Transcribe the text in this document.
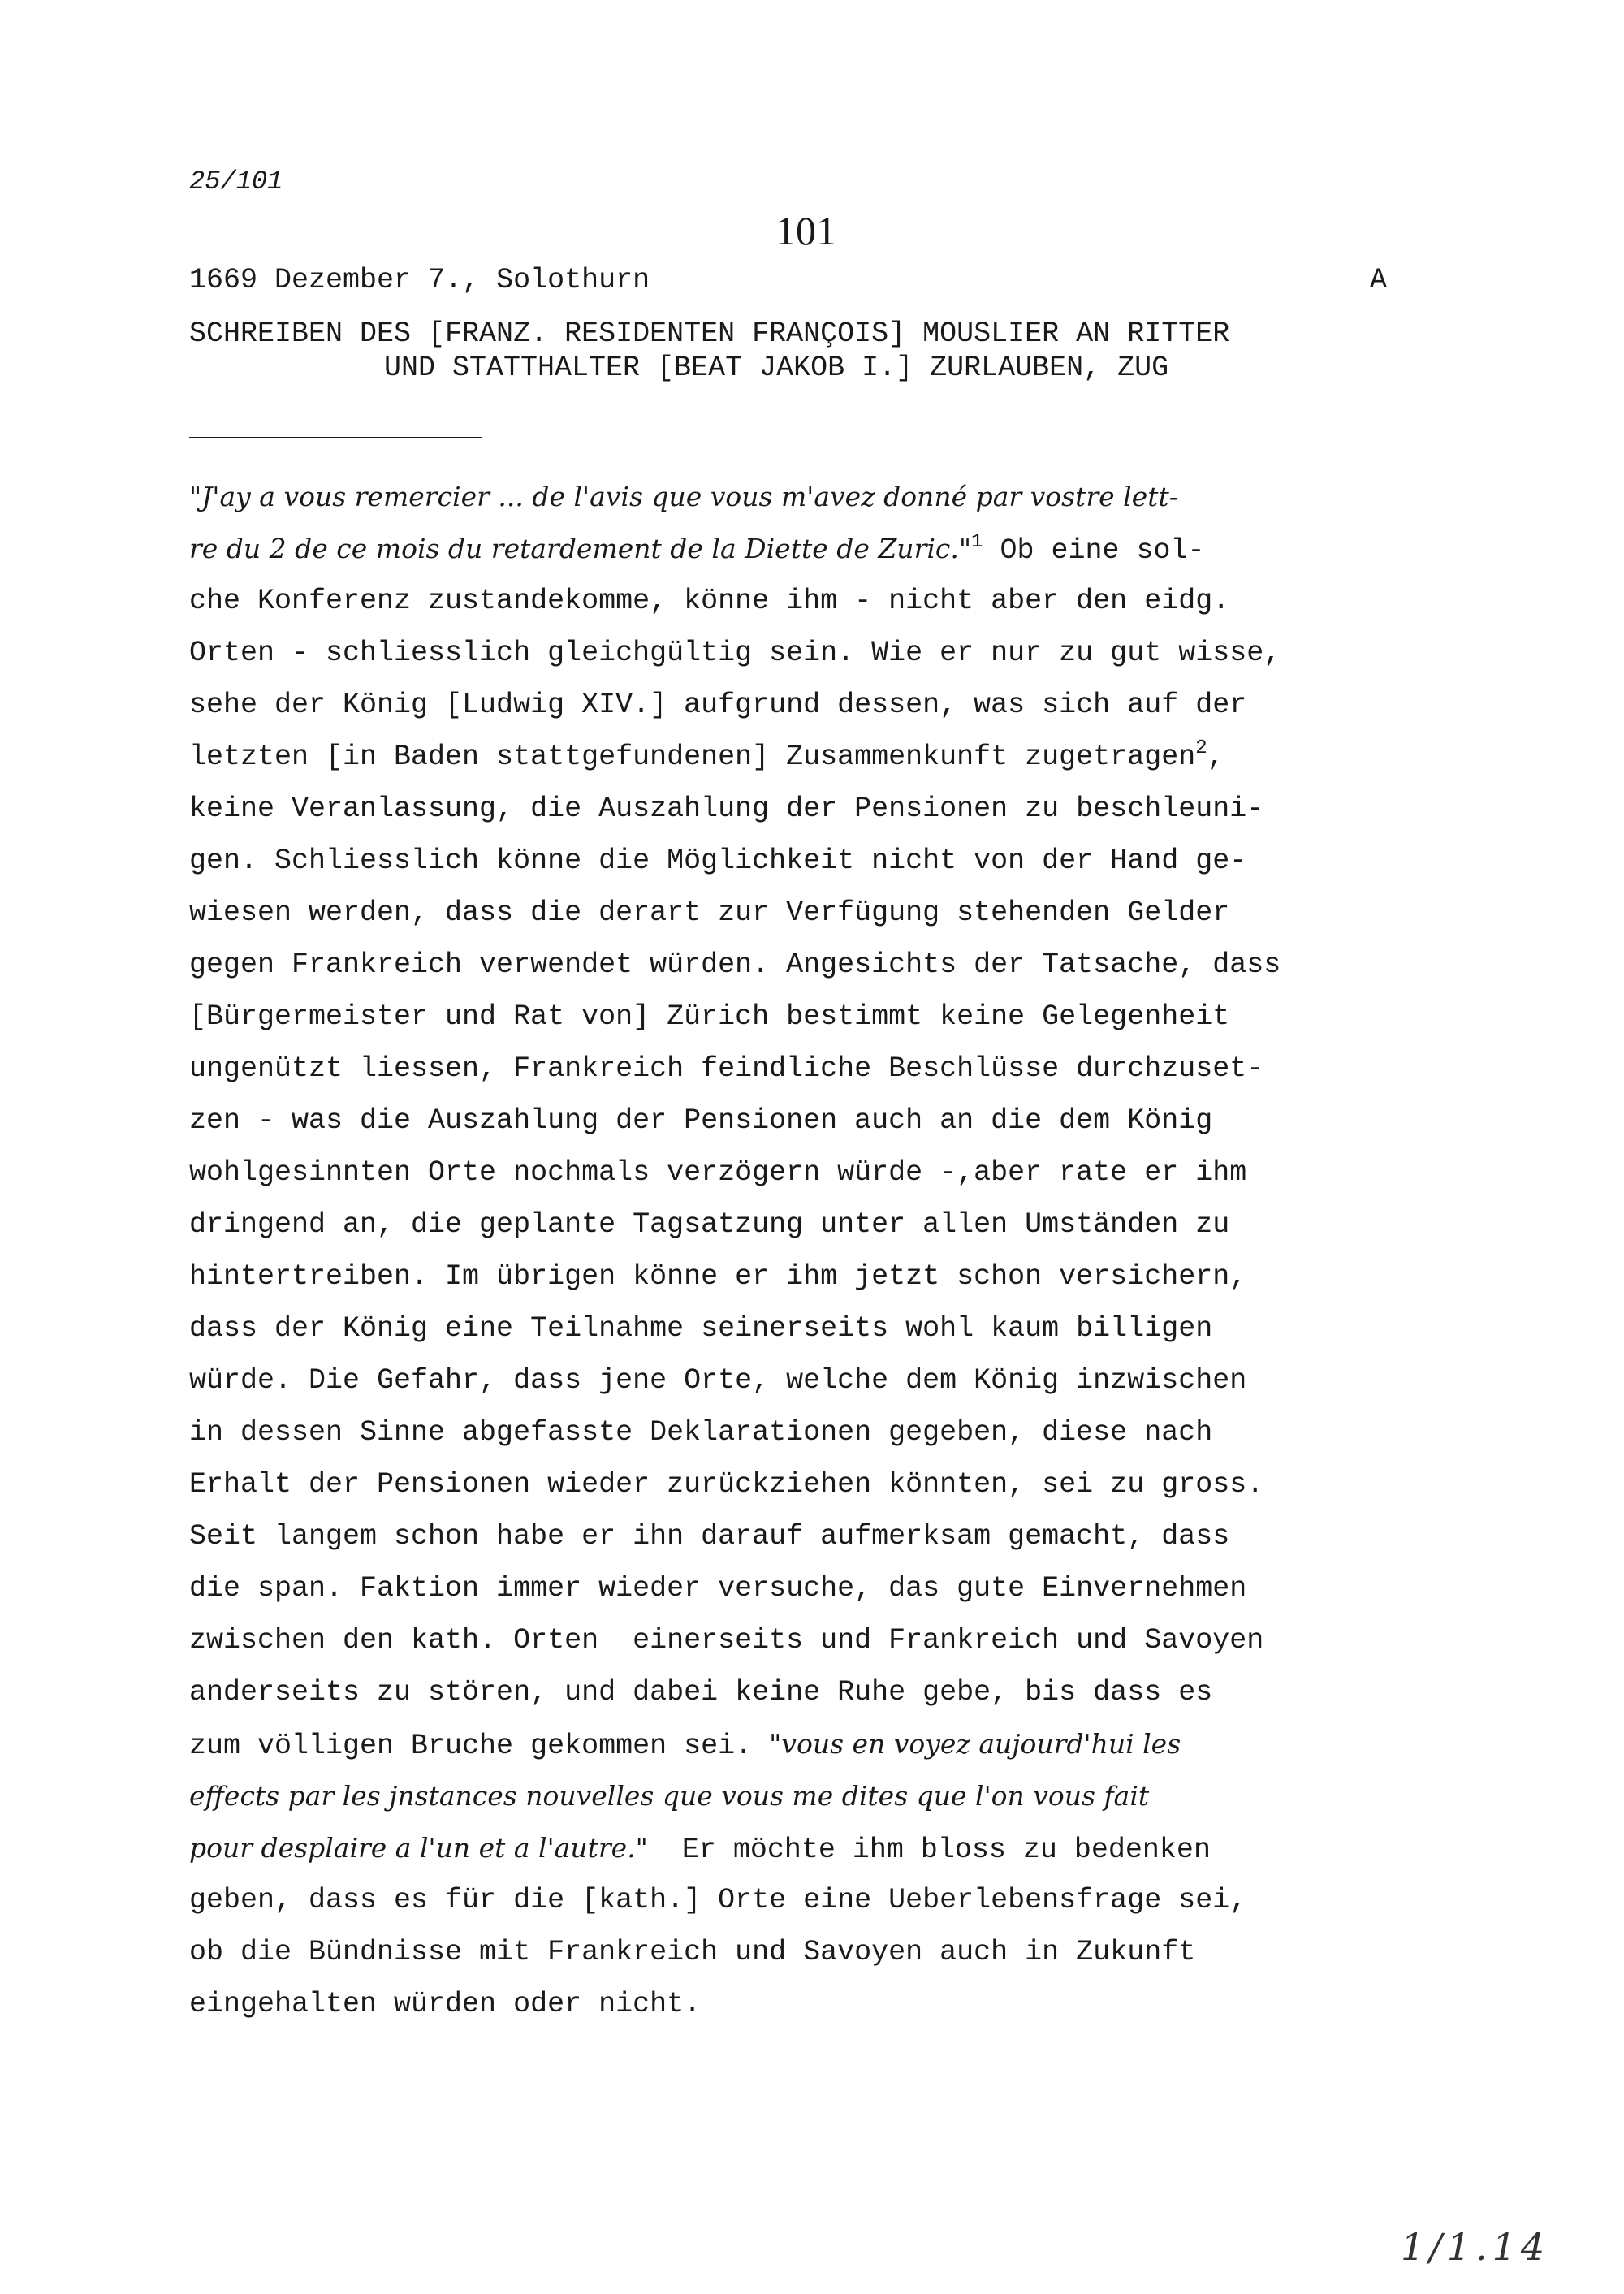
25/101
101
1669 Dezember 7., Solothurn	A
SCHREIBEN DES [FRANZ. RESIDENTEN FRANÇOIS] MOUSLIER AN RITTER
UND STATTHALTER [BEAT JAKOB I.] ZURLAUBEN, ZUG
"J'ay a vous remercier ... de l'avis que vous m'avez donné par vostre lett-
re du 2 de ce mois du retardement de la Diette de Zuric."$^1$ Ob eine sol-
che Konferenz zustandekomme, könne ihm - nicht aber den eidg.
Orten - schliesslich gleichgültig sein. Wie er nur zu gut wisse,
sehe der König [Ludwig XIV.] aufgrund dessen, was sich auf der
letzten [in Baden stattgefundenen] Zusammenkunft zugetragen$^2$,
keine Veranlassung, die Auszahlung der Pensionen zu beschleuni-
gen. Schliesslich könne die Möglichkeit nicht von der Hand ge-
wiesen werden, dass die derart zur Verfügung stehenden Gelder
gegen Frankreich verwendet würden. Angesichts der Tatsache, dass
[Bürgermeister und Rat von] Zürich bestimmt keine Gelegenheit
ungenützt liessen, Frankreich feindliche Beschlüsse durchzuset-
zen - was die Auszahlung der Pensionen auch an die dem König
wohlgesinnten Orte nochmals verzögern würde -,aber rate er ihm
dringend an, die geplante Tagsatzung unter allen Umständen zu
hintertreiben. Im übrigen könne er ihm jetzt schon versichern,
dass der König eine Teilnahme seinerseits wohl kaum billigen
würde. Die Gefahr, dass jene Orte, welche dem König inzwischen
in dessen Sinne abgefasste Deklarationen gegeben, diese nach
Erhalt der Pensionen wieder zurückziehen könnten, sei zu gross.
Seit langem schon habe er ihn darauf aufmerksam gemacht, dass
die span. Faktion immer wieder versuche, das gute Einvernehmen
zwischen den kath. Orten  einerseits und Frankreich und Savoyen
anderseits zu stören, und dabei keine Ruhe gebe, bis dass es
zum völligen Bruche gekommen sei. "vous en voyez aujourd'hui les
effects par les jnstances nouvelles que vous me dites que l'on vous fait
pour desplaire a l'un et a l'autre."  Er möchte ihm bloss zu bedenken
geben, dass es für die [kath.] Orte eine Ueberlebensfrage sei,
ob die Bündnisse mit Frankreich und Savoyen auch in Zukunft
eingehalten würden oder nicht.
1/1.14
